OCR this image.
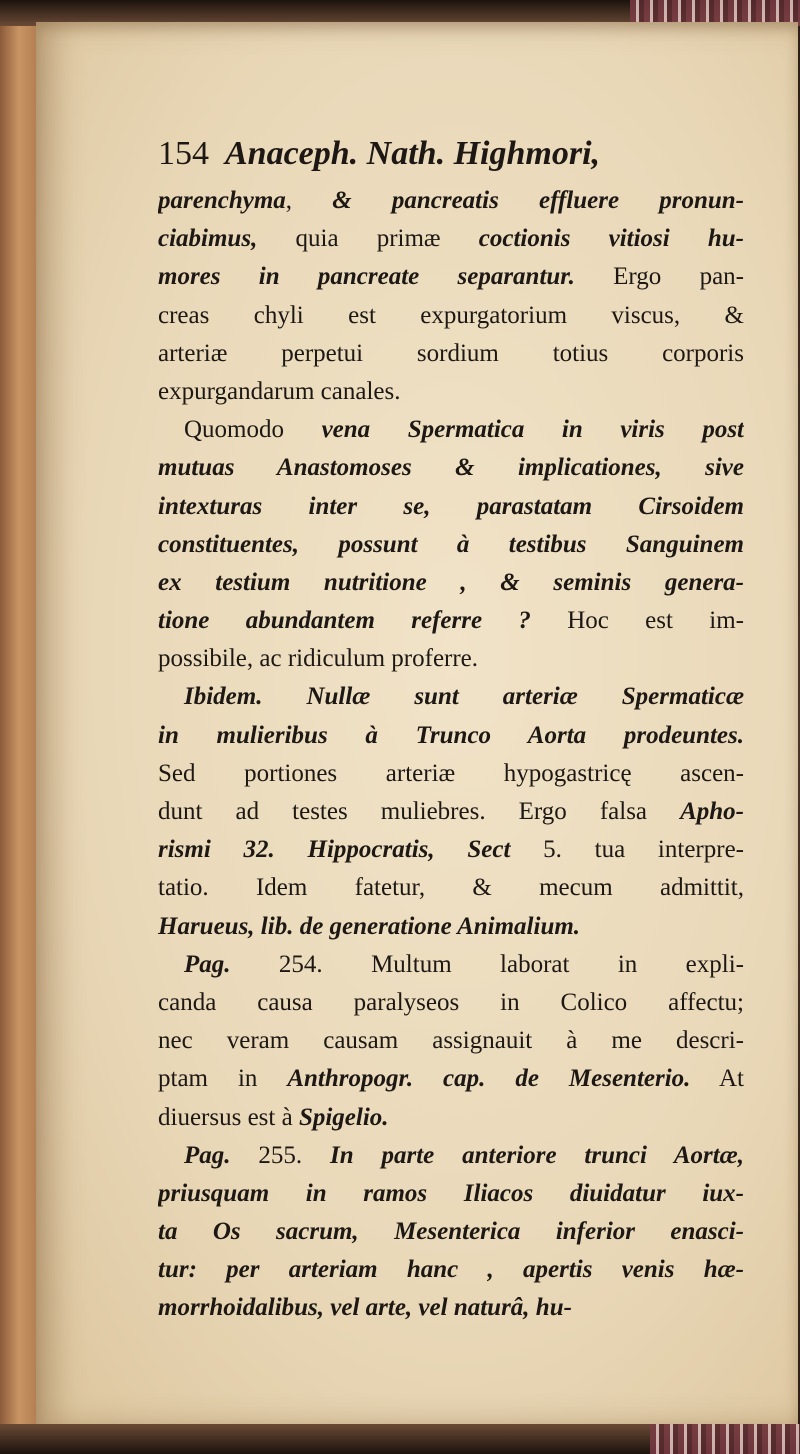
154 Anaceph. Nath. Highmori,
parenchyma, & pancreatis effluere pronun-
ciabimus, quia primæ coctionis vitiosi hu-
mores in pancreate separantur. Ergo pan-
creas chyli est expurgatorium viscus, &
arteriæ perpetui sordium totius corporis
expurgandarum canales.
Quomodo vena Spermatica in viris post
mutuas Anastomoses & implicationes, sive
intexturas inter se, parastatam Cirsoidem
constituentes, possunt à testibus Sanguinem
ex testium nutritione , & seminis genera-
tione abundantem referre ? Hoc est im-
possibile, ac ridiculum proferre.
Ibidem. Nullæ sunt arteriæ Spermaticæ
in mulieribus à Trunco Aorta prodeuntes.
Sed portiones arteriæ hypogastricę ascen-
dunt ad testes muliebres. Ergo falsa Apho-
rismi 32. Hippocratis, Sect 5. tua interpre-
tatio. Idem fatetur, & mecum admittit,
Harueus, lib. de generatione Animalium.
Pag. 254. Multum laborat in expli-
canda causa paralyseos in Colico affectu;
nec veram causam assignauit à me descri-
ptam in Anthropogr. cap. de Mesenterio. At
diuersus est à Spigelio.
Pag. 255. In parte anteriore trunci Aortæ,
priusquam in ramos Iliacos diuidatur iux-
ta Os sacrum, Mesenterica inferior enasci-
tur: per arteriam hanc , apertis venis hæ-
morrhoidalibus, vel arte, vel naturâ, hu-
